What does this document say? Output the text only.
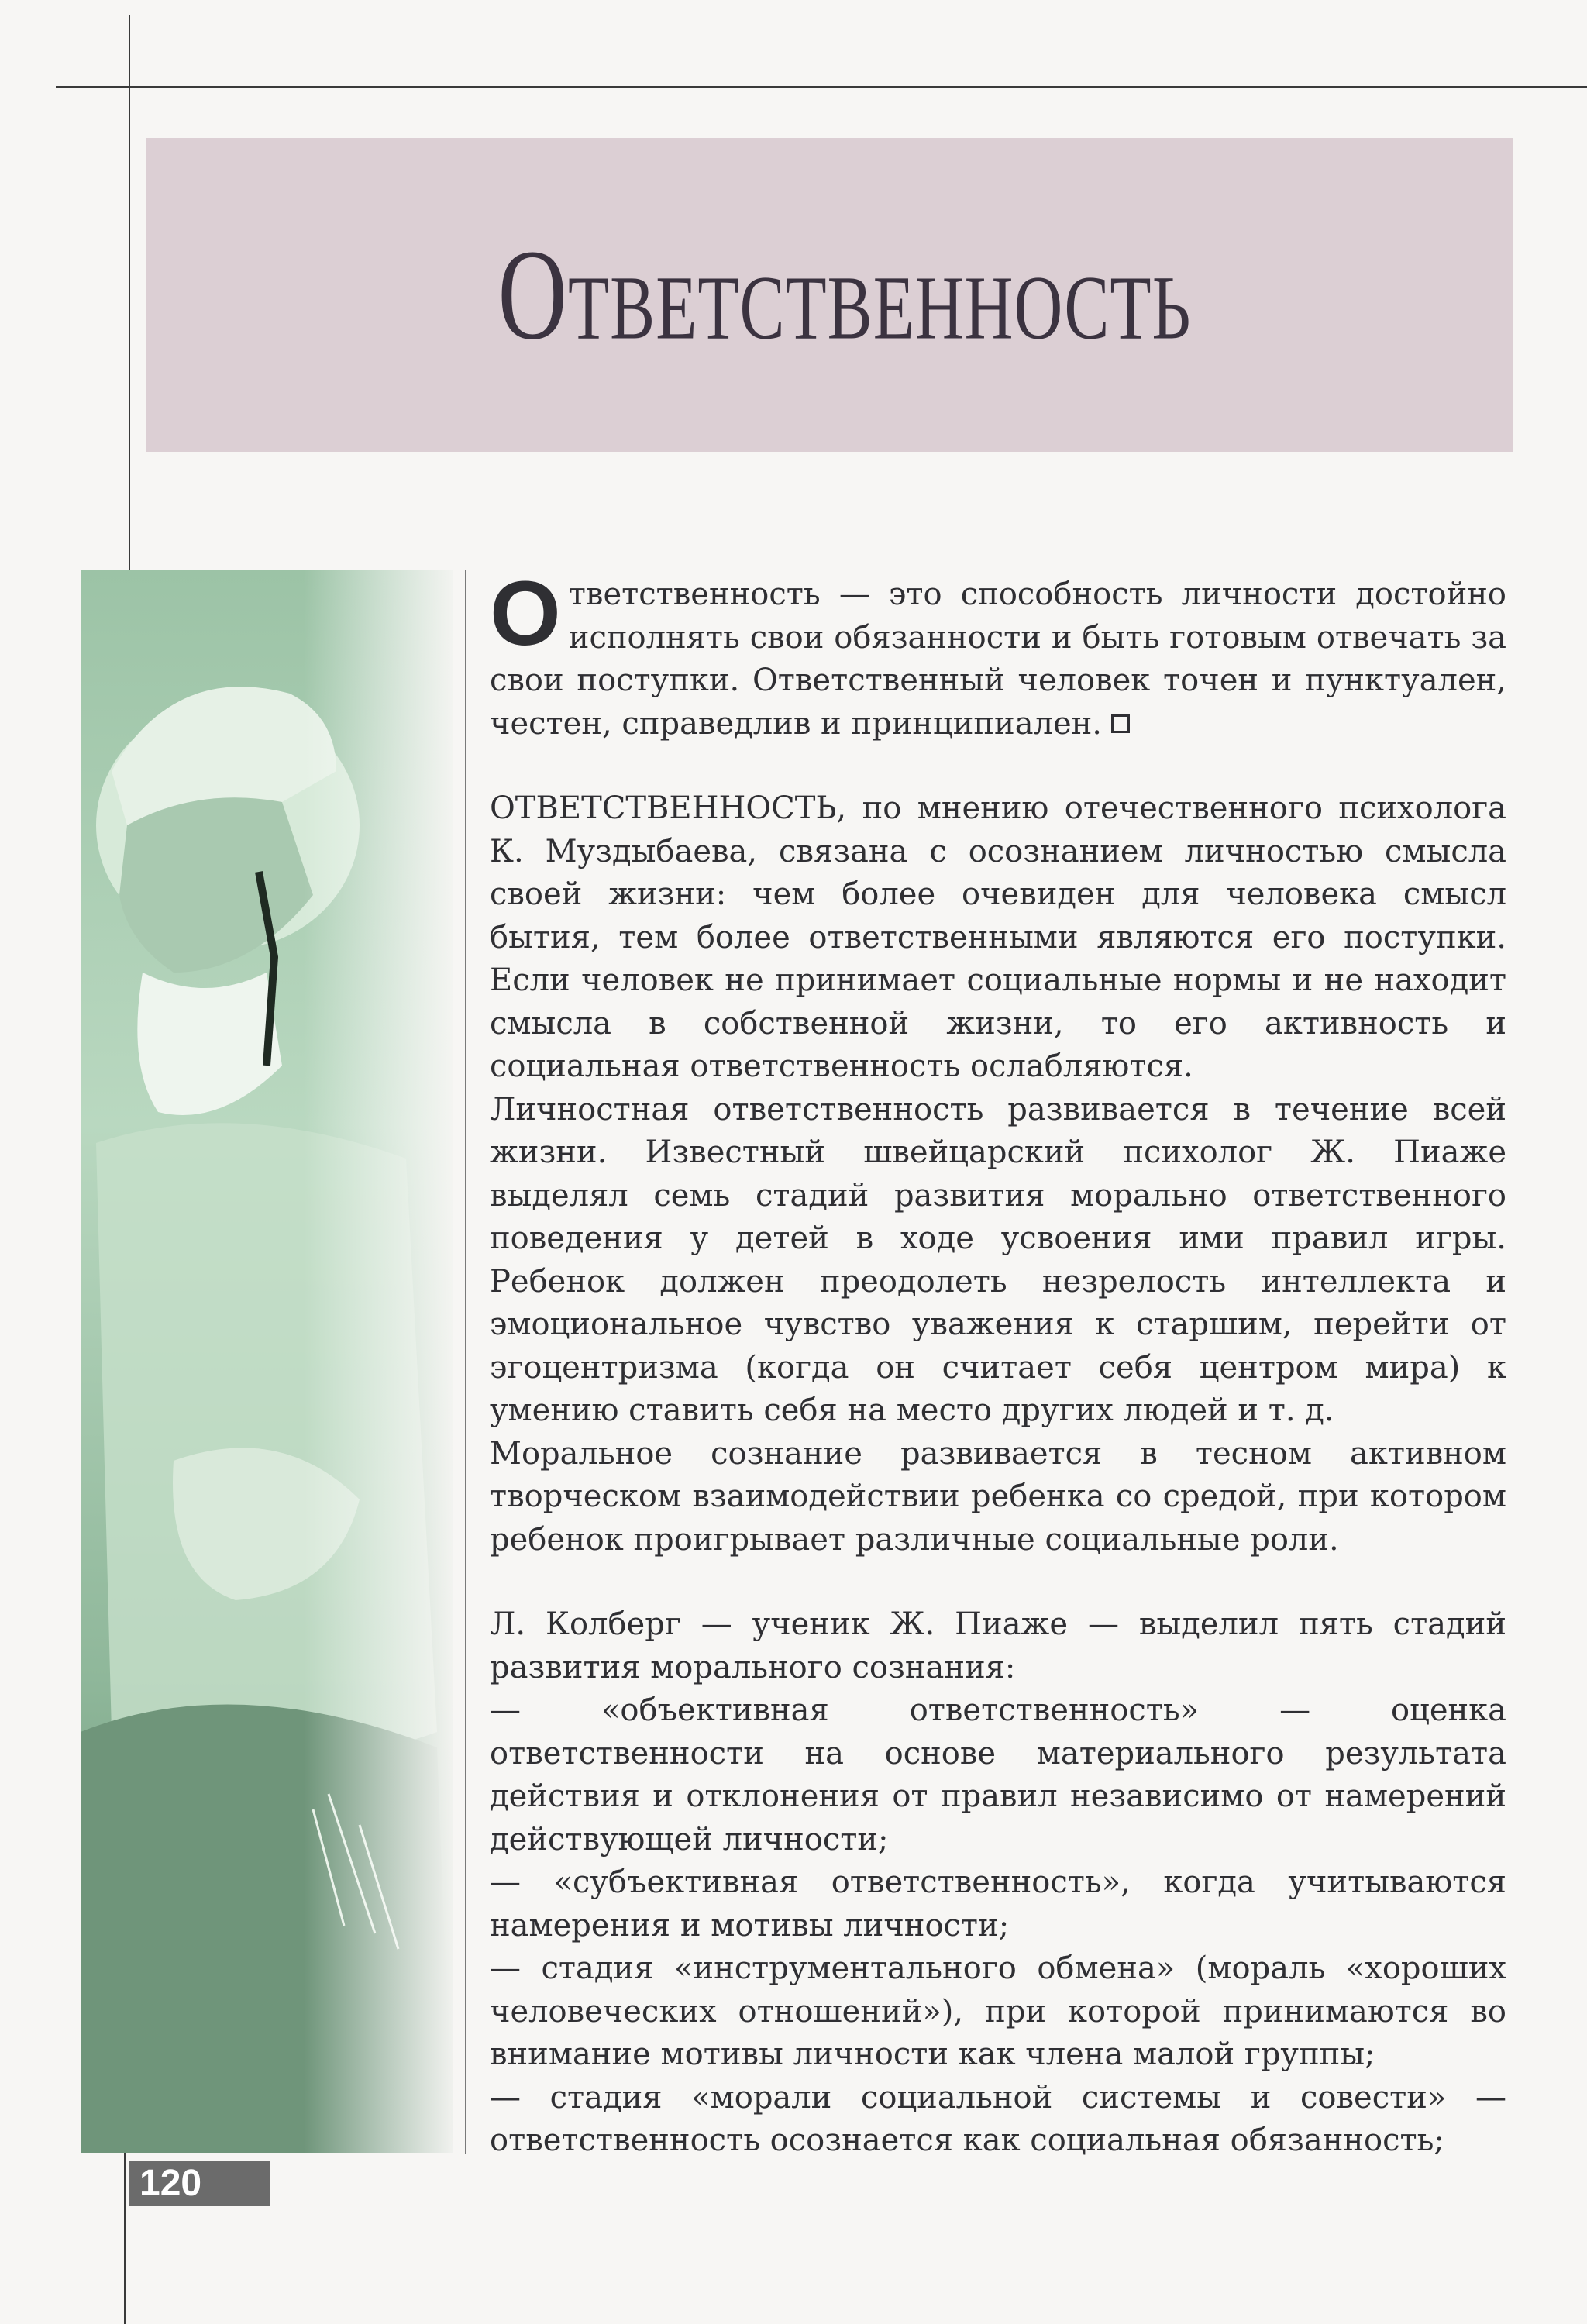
Ответственность

Ответственность — это способность личности достойно исполнять свои обязанности и быть готовым отвечать за свои поступки. Ответственный человек точен и пунктуален, честен, справедлив и принципиален.

ОТВЕТСТВЕННОСТЬ, по мнению отечественного психолога К. Муздыбаева, связана с осознанием личностью смысла своей жизни: чем более очевиден для человека смысл бытия, тем более ответственными являются его поступки. Если человек не принимает социальные нормы и не находит смысла в собственной жизни, то его активность и социальная ответственность ослабляются.

Личностная ответственность развивается в течение всей жизни. Известный швейцарский психолог Ж. Пиаже выделял семь стадий развития морально ответственного поведения у детей в ходе усвоения ими правил игры. Ребенок должен преодолеть незрелость интеллекта и эмоциональное чувство уважения к старшим, перейти от эгоцентризма (когда он считает себя центром мира) к умению ставить себя на место других людей и т. д.

Моральное сознание развивается в тесном активном творческом взаимодействии ребенка со средой, при котором ребенок проигрывает различные социальные роли.

Л. Колберг — ученик Ж. Пиаже — выделил пять стадий развития морального сознания:

— «объективная ответственность» — оценка ответственности на основе материального результата действия и отклонения от правил независимо от намерений действующей личности;

— «субъективная ответственность», когда учитываются намерения и мотивы личности;

— стадия «инструментального обмена» (мораль «хороших человеческих отношений»), при которой принимаются во внимание мотивы личности как члена малой группы;

— стадия «морали социальной системы и совести» — ответственность осознается как социальная обязанность;

120
